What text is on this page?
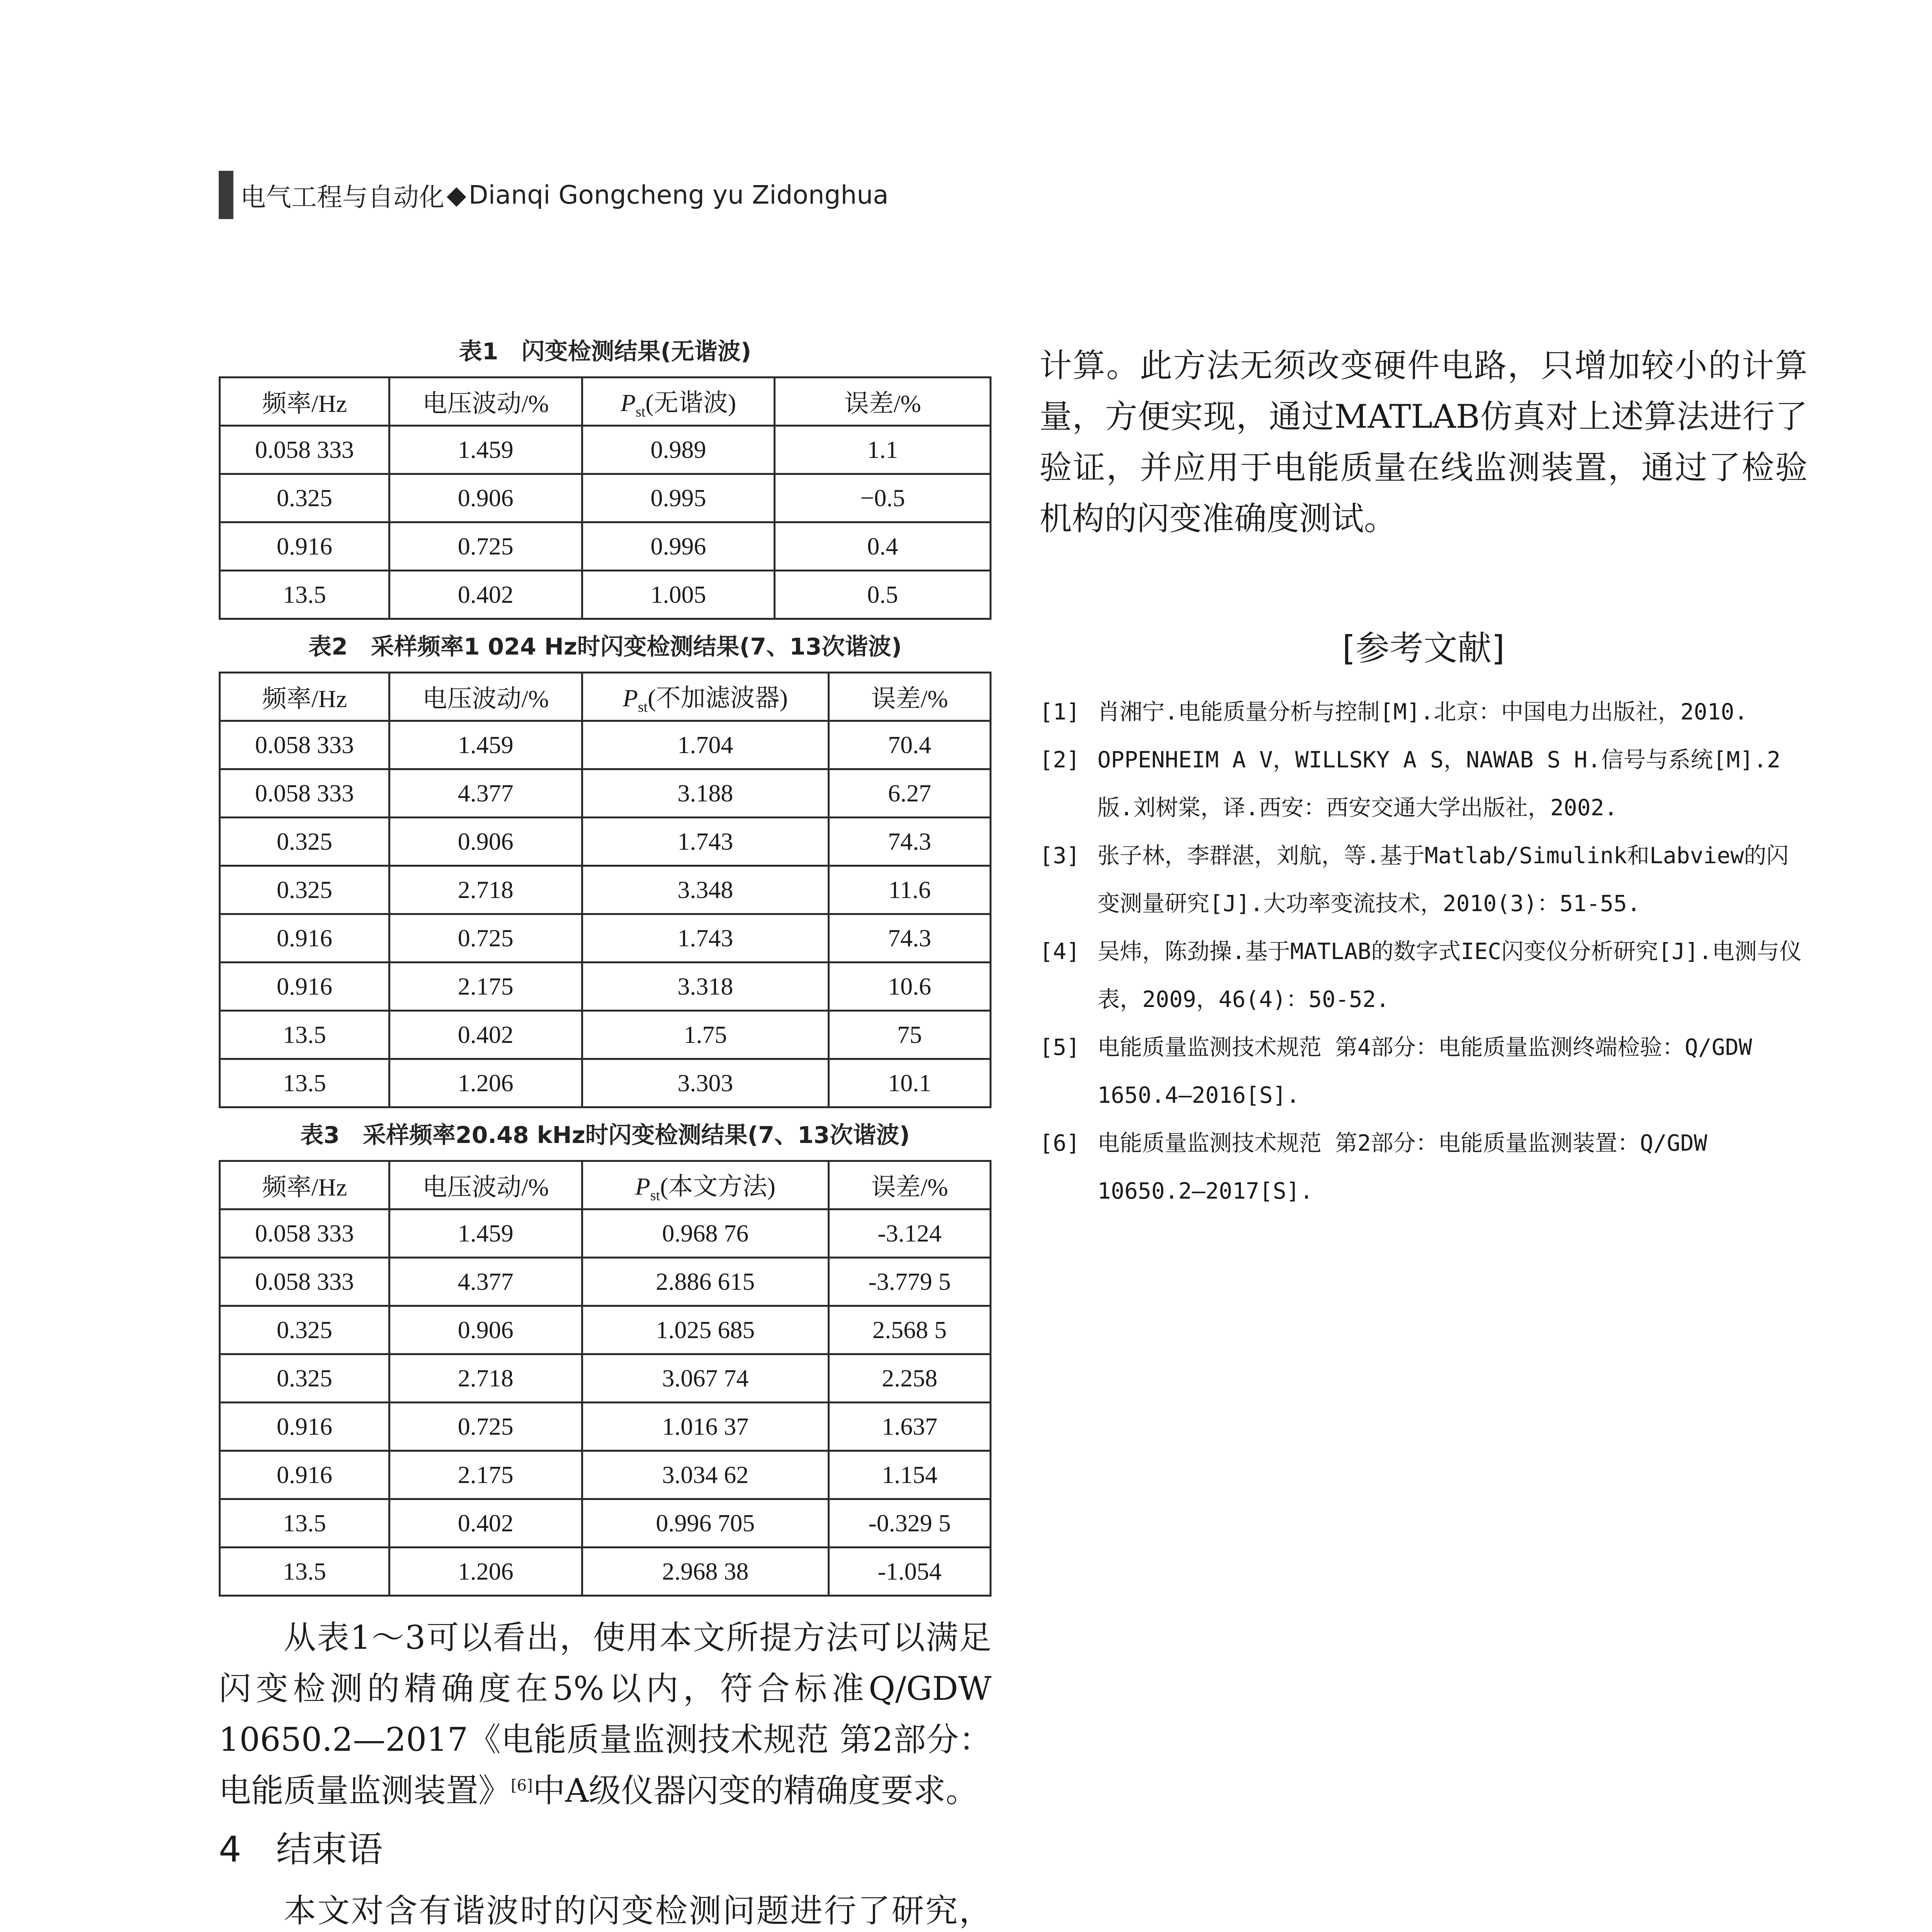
电气工程与自动化 ◆ Dianqi Gongcheng yu Zidonghua
表1　闪变检测结果(无谐波)
频率/Hz	电压波动/%	$P_{st}$(无谐波)	误差/%
0.058 333	1.459	0.989	1.1
0.325	0.906	0.995	−0.5
0.916	0.725	0.996	0.4
13.5	0.402	1.005	0.5
表2　采样频率1 024 Hz时闪变检测结果(7、13次谐波)
频率/Hz	电压波动/%	$P_{st}$(不加滤波器)	误差/%
0.058 333	1.459	1.704	70.4
0.058 333	4.377	3.188	6.27
0.325	0.906	1.743	74.3
0.325	2.718	3.348	11.6
0.916	0.725	1.743	74.3
0.916	2.175	3.318	10.6
13.5	0.402	1.75	75
13.5	1.206	3.303	10.1
表3　采样频率20.48 kHz时闪变检测结果(7、13次谐波)
频率/Hz	电压波动/%	$P_{st}$(本文方法)	误差/%
0.058 333	1.459	0.968 76	-3.124
0.058 333	4.377	2.886 615	-3.779 5
0.325	0.906	1.025 685	2.568 5
0.325	2.718	3.067 74	2.258
0.916	0.725	1.016 37	1.637
0.916	2.175	3.034 62	1.154
13.5	0.402	0.996 705	-0.329 5
13.5	1.206	2.968 38	-1.054

从表1～3可以看出，使用本文所提方法可以满足闪变检测的精确度在5%以内，符合标准Q/GDW 10650.2—2017《电能质量监测技术规范 第2部分：电能质量监测装置》[6]中A级仪器闪变的精确度要求。

4 结束语

本文对含有谐波时的闪变检测问题进行了研究，

计算。此方法无须改变硬件电路，只增加较小的计算量，方便实现，通过MATLAB仿真对上述算法进行了验证，并应用于电能质量在线监测装置，通过了检验机构的闪变准确度测试。

[参考文献]
[1] 肖湘宁.电能质量分析与控制[M].北京：中国电力出版社，2010.
[2] OPPENHEIM A V，WILLSKY A S，NAWAB S H.信号与系统[M].2版.刘树棠，译.西安：西安交通大学出版社，2002.
[3] 张子林，李群湛，刘航，等.基于Matlab/Simulink和Labview的闪变测量研究[J].大功率变流技术，2010(3)：51-55.
[4] 吴炜，陈劲操.基于MATLAB的数字式IEC闪变仪分析研究[J].电测与仪表，2009，46(4)：50-52.
[5] 电能质量监测技术规范 第4部分：电能质量监测终端检验：Q/GDW 1650.4—2016[S].
[6] 电能质量监测技术规范 第2部分：电能质量监测装置：Q/GDW 10650.2—2017[S].
